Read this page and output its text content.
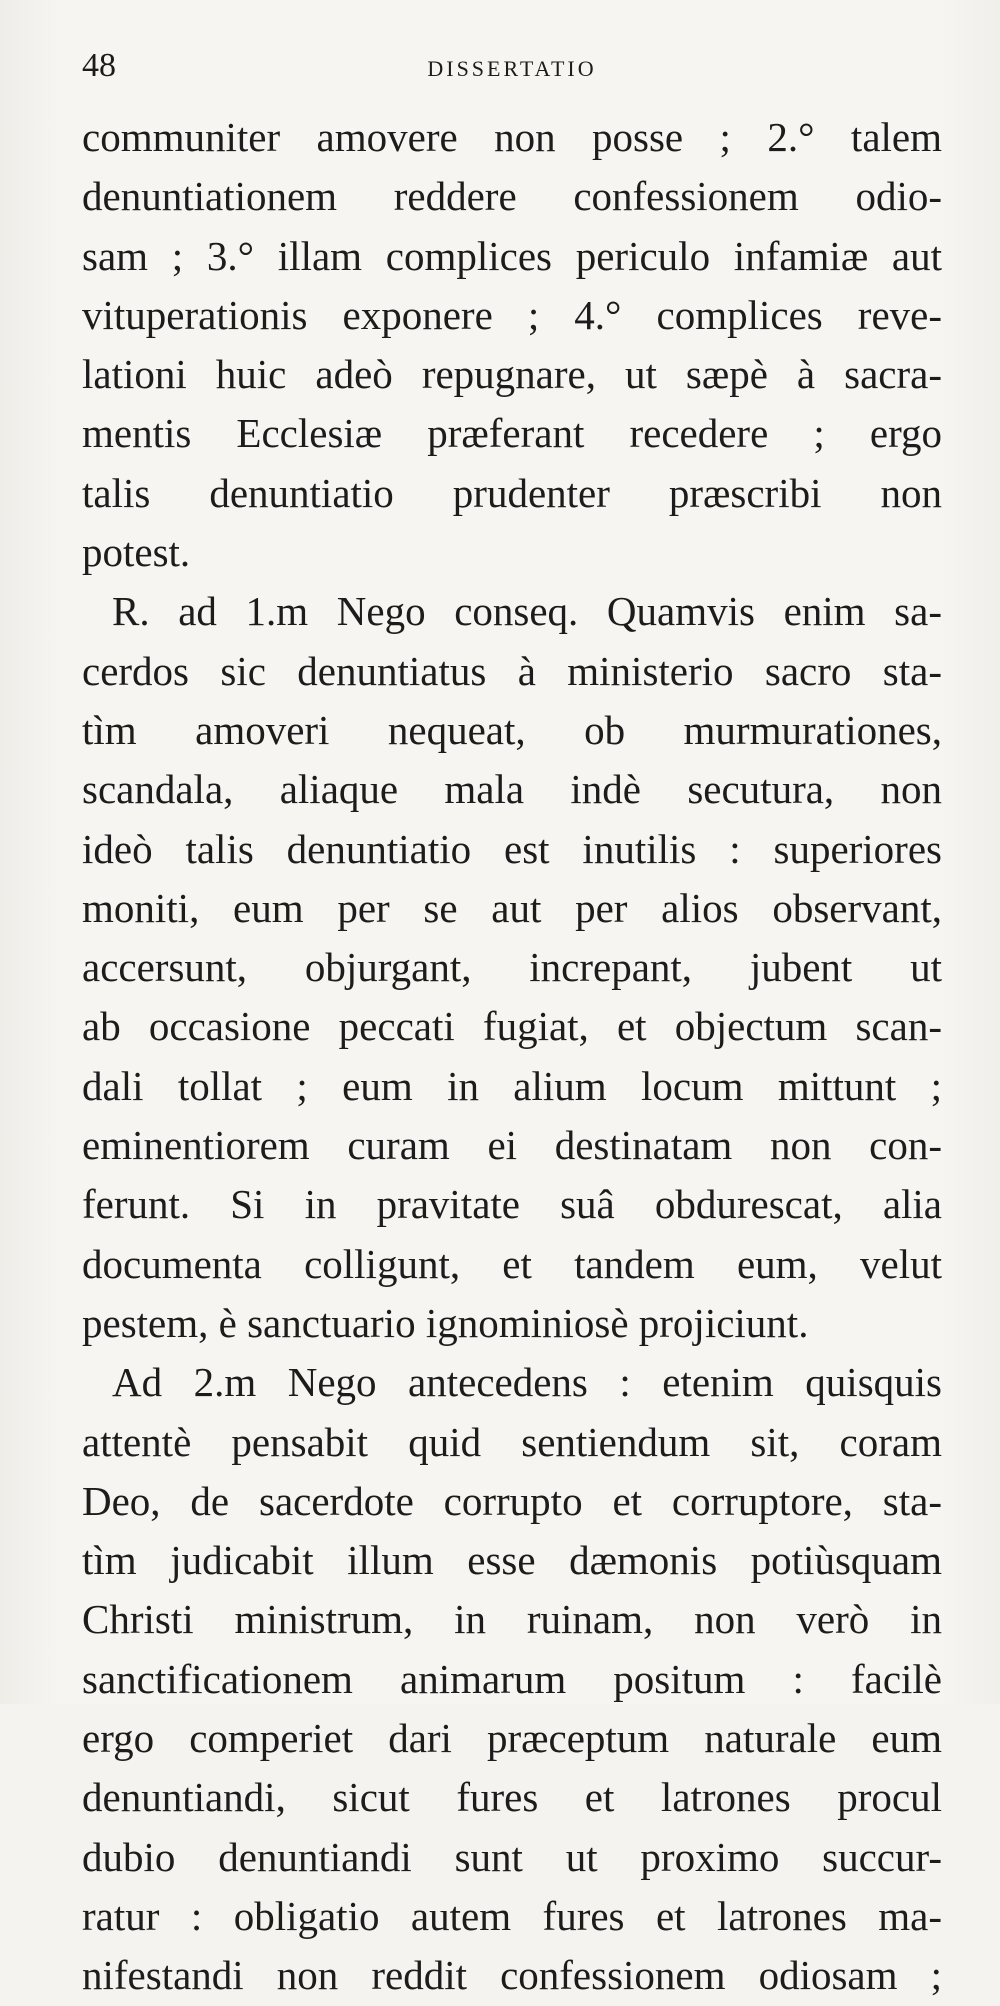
48	DISSERTATIO
communiter amovere non posse ; 2.° talem
denuntiationem reddere confessionem odio-
sam ; 3.° illam complices periculo infamiæ aut
vituperationis exponere ; 4.° complices reve-
lationi huic adeò repugnare, ut sæpè à sacra-
mentis Ecclesiæ præferant recedere ; ergo
talis denuntiatio prudenter præscribi non
potest.
R. ad 1.m Nego conseq. Quamvis enim sa-
cerdos sic denuntiatus à ministerio sacro sta-
tìm amoveri nequeat, ob murmurationes,
scandala, aliaque mala indè secutura, non
ideò talis denuntiatio est inutilis : superiores
moniti, eum per se aut per alios observant,
accersunt, objurgant, increpant, jubent ut
ab occasione peccati fugiat, et objectum scan-
dali tollat ; eum in alium locum mittunt ;
eminentiorem curam ei destinatam non con-
ferunt. Si in pravitate suâ obdurescat, alia
documenta colligunt, et tandem eum, velut
pestem, è sanctuario ignominiosè projiciunt.
Ad 2.m Nego antecedens : etenim quisquis
attentè pensabit quid sentiendum sit, coram
Deo, de sacerdote corrupto et corruptore, sta-
tìm judicabit illum esse dæmonis potiùsquam
Christi ministrum, in ruinam, non verò in
sanctificationem animarum positum : facilè
ergo comperiet dari præceptum naturale eum
denuntiandi, sicut fures et latrones procul
dubio denuntiandi sunt ut proximo succur-
ratur : obligatio autem fures et latrones ma-
nifestandi non reddit confessionem odiosam ;
